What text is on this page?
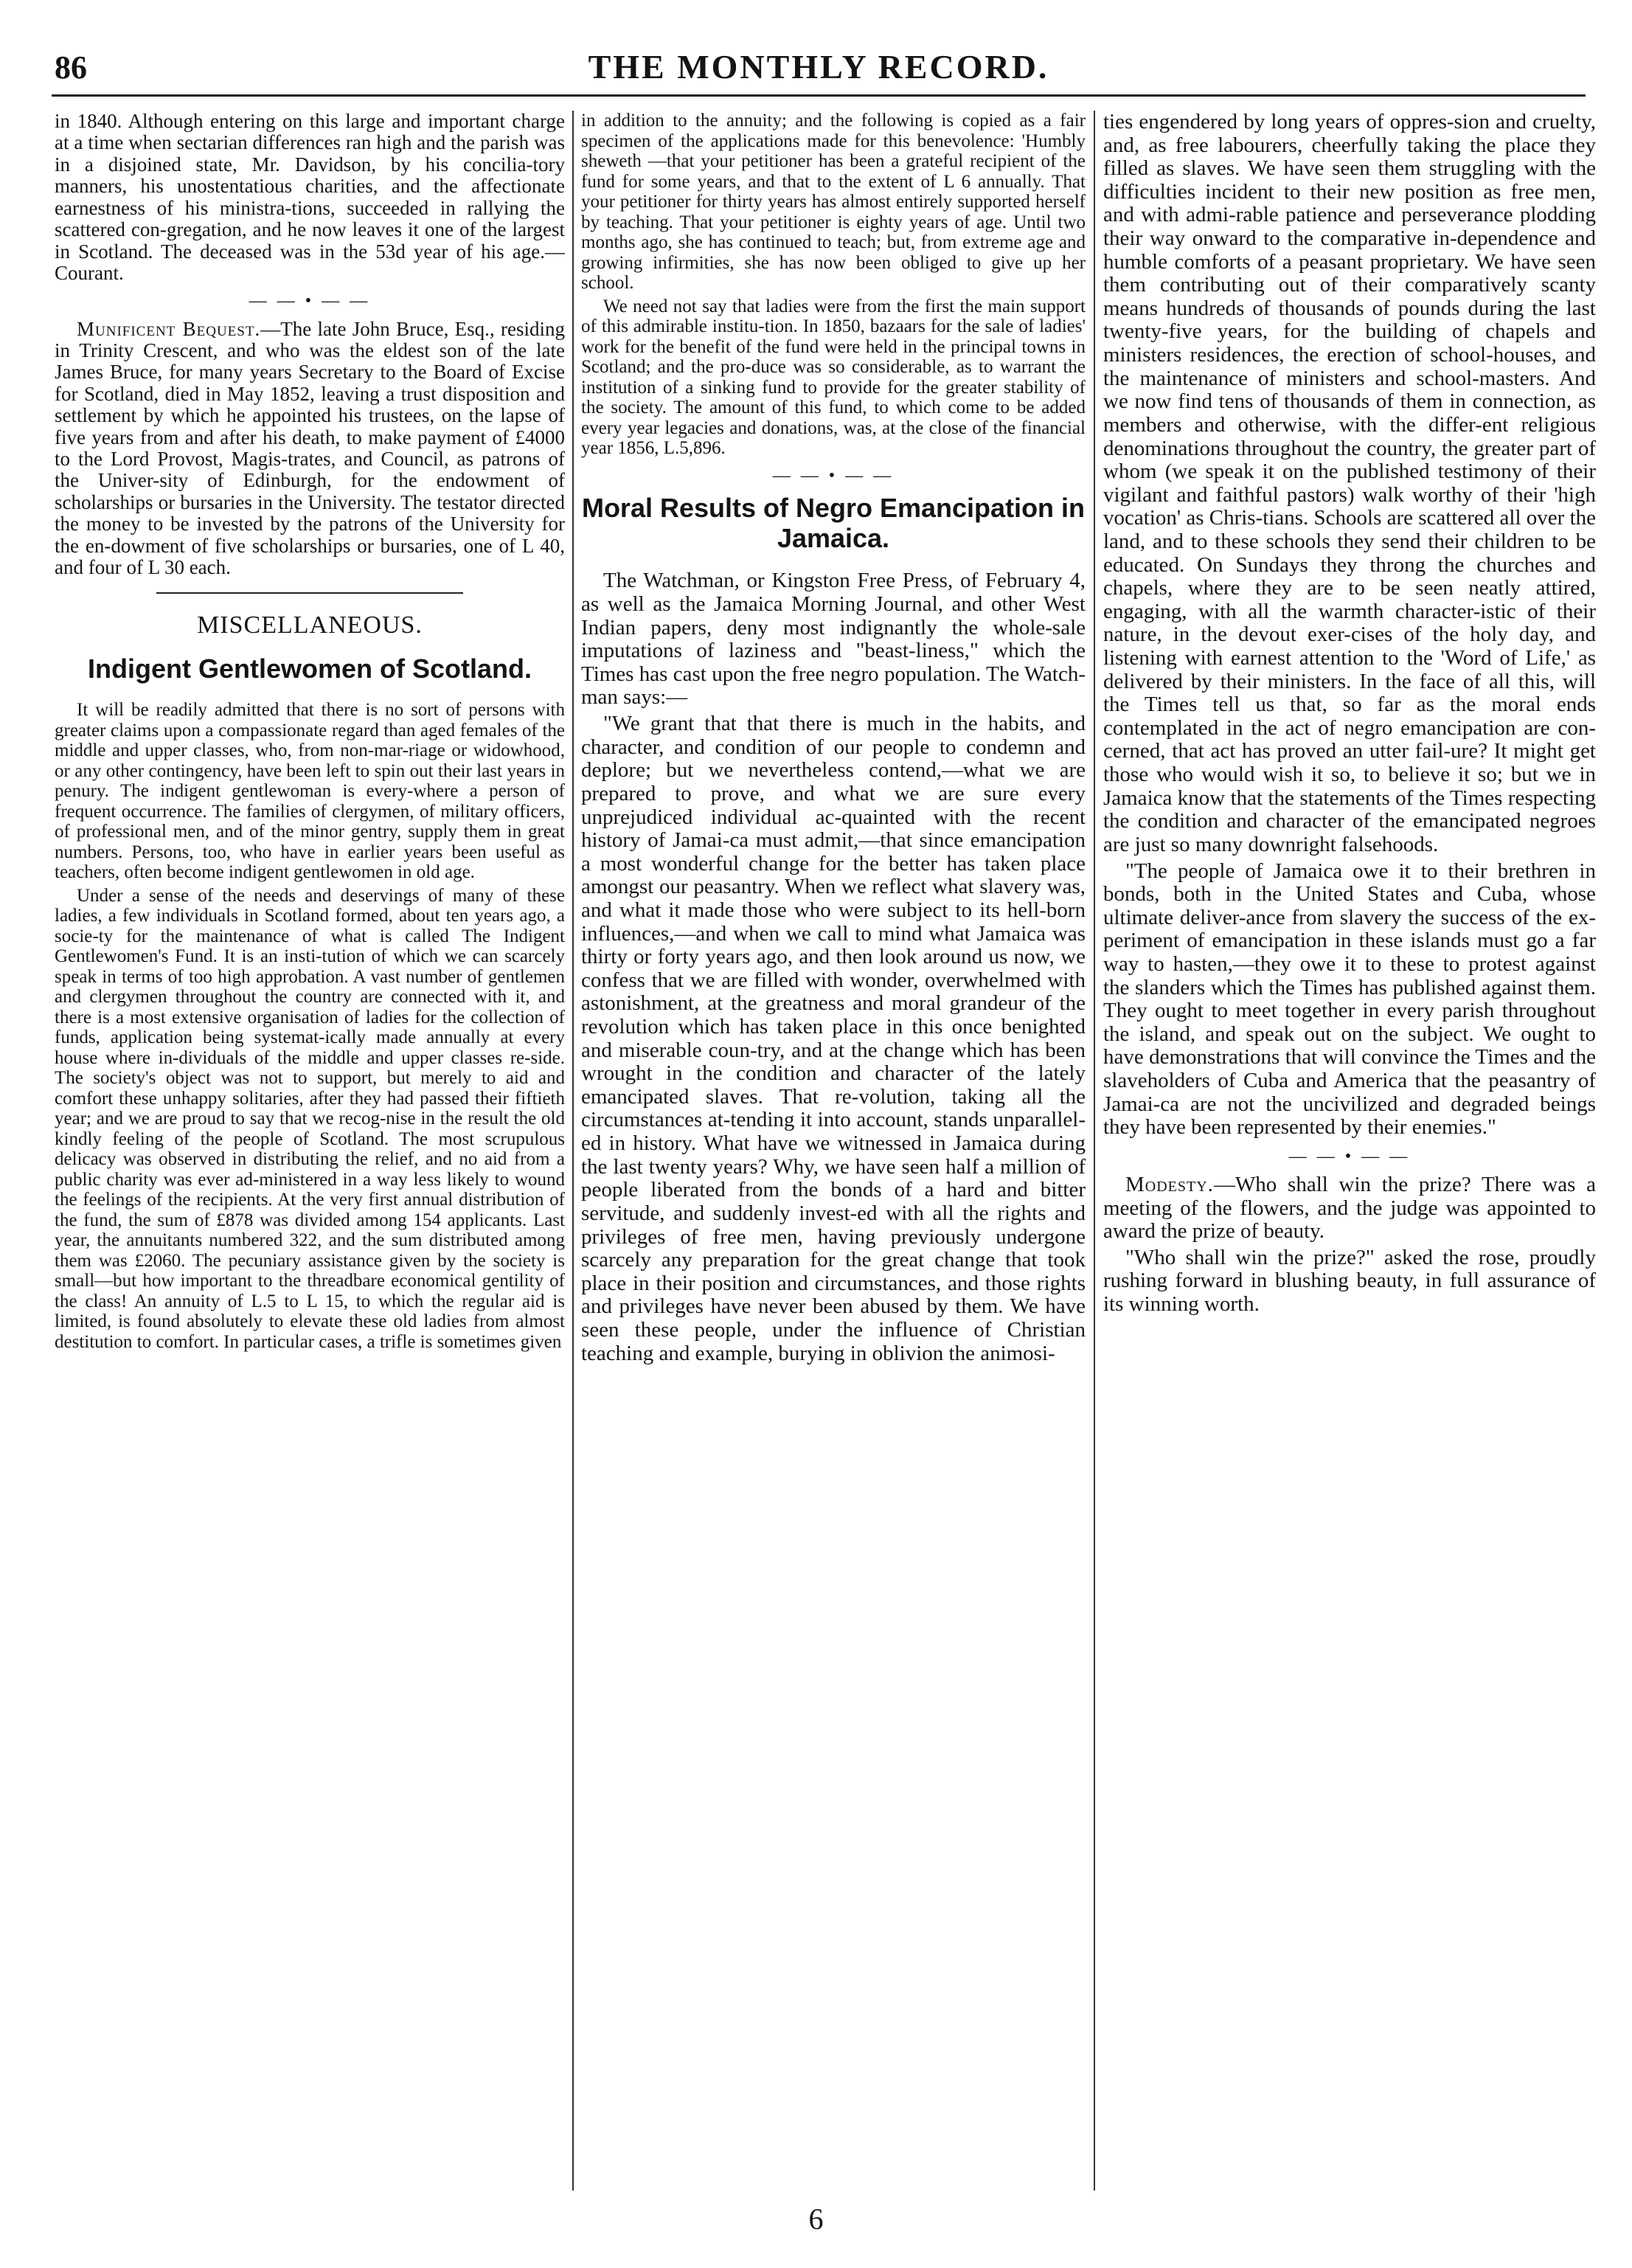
86	THE MONTHLY RECORD.

in 1840. Although entering on this large and important charge at a time when sectarian differences ran high and the parish was in a disjoined state, Mr. Davidson, by his concilia-tory manners, his unostentatious charities, and the affectionate earnestness of his ministra-tions, succeeded in rallying the scattered con-gregation, and he now leaves it one of the largest in Scotland. The deceased was in the 53d year of his age.—Courant.

— — • — —

Munificent Bequest.—The late John Bruce, Esq., residing in Trinity Crescent, and who was the eldest son of the late James Bruce, for many years Secretary to the Board of Excise for Scotland, died in May 1852, leaving a trust disposition and settlement by which he appointed his trustees, on the lapse of five years from and after his death, to make payment of £4000 to the Lord Provost, Magis-trates, and Council, as patrons of the Univer-sity of Edinburgh, for the endowment of scholarships or bursaries in the University. The testator directed the money to be invested by the patrons of the University for the en-dowment of five scholarships or bursaries, one of L 40, and four of L 30 each.

MISCELLANEOUS.
Indigent Gentlewomen of Scotland.

It will be readily admitted that there is no sort of persons with greater claims upon a compassionate regard than aged females of the middle and upper classes, who, from non-mar-riage or widowhood, or any other contingency, have been left to spin out their last years in penury. The indigent gentlewoman is every-where a person of frequent occurrence. The families of clergymen, of military officers, of professional men, and of the minor gentry, supply them in great numbers. Persons, too, who have in earlier years been useful as teachers, often become indigent gentlewomen in old age.

Under a sense of the needs and deservings of many of these ladies, a few individuals in Scotland formed, about ten years ago, a socie-ty for the maintenance of what is called The Indigent Gentlewomen's Fund. It is an insti-tution of which we can scarcely speak in terms of too high approbation. A vast number of gentlemen and clergymen throughout the country are connected with it, and there is a most extensive organisation of ladies for the collection of funds, application being systemat-ically made annually at every house where in-dividuals of the middle and upper classes re-side. The society's object was not to support, but merely to aid and comfort these unhappy solitaries, after they had passed their fiftieth year; and we are proud to say that we recog-nise in the result the old kindly feeling of the people of Scotland. The most scrupulous delicacy was observed in distributing the relief, and no aid from a public charity was ever ad-ministered in a way less likely to wound the feelings of the recipients. At the very first annual distribution of the fund, the sum of £878 was divided among 154 applicants. Last year, the annuitants numbered 322, and the sum distributed among them was £2060. The pecuniary assistance given by the society is small—but how important to the threadbare economical gentility of the class! An annuity of L.5 to L 15, to which the regular aid is limited, is found absolutely to elevate these old ladies from almost destitution to comfort. In particular cases, a trifle is sometimes given

in addition to the annuity; and the following is copied as a fair specimen of the applications made for this benevolence: 'Humbly sheweth —that your petitioner has been a grateful recipient of the fund for some years, and that to the extent of L 6 annually. That your petitioner for thirty years has almost entirely supported herself by teaching. That your petitioner is eighty years of age. Until two months ago, she has continued to teach; but, from extreme age and growing infirmities, she has now been obliged to give up her school.

We need not say that ladies were from the first the main support of this admirable institu-tion. In 1850, bazaars for the sale of ladies' work for the benefit of the fund were held in the principal towns in Scotland; and the pro-duce was so considerable, as to warrant the institution of a sinking fund to provide for the greater stability of the society. The amount of this fund, to which come to be added every year legacies and donations, was, at the close of the financial year 1856, L.5,896.

— — • — —
Moral Results of Negro Emancipation in Jamaica.

The Watchman, or Kingston Free Press, of February 4, as well as the Jamaica Morning Journal, and other West Indian papers, deny most indignantly the whole-sale imputations of laziness and "beast-liness," which the Times has cast upon the free negro population. The Watch-man says:—

"We grant that that there is much in the habits, and character, and condition of our people to condemn and deplore; but we nevertheless contend,—what we are prepared to prove, and what we are sure every unprejudiced individual ac-quainted with the recent history of Jamai-ca must admit,—that since emancipation a most wonderful change for the better has taken place amongst our peasantry. When we reflect what slavery was, and what it made those who were subject to its hell-born influences,—and when we call to mind what Jamaica was thirty or forty years ago, and then look around us now, we confess that we are filled with wonder, overwhelmed with astonishment, at the greatness and moral grandeur of the revolution which has taken place in this once benighted and miserable coun-try, and at the change which has been wrought in the condition and character of the lately emancipated slaves. That re-volution, taking all the circumstances at-tending it into account, stands unparallel-ed in history. What have we witnessed in Jamaica during the last twenty years? Why, we have seen half a million of people liberated from the bonds of a hard and bitter servitude, and suddenly invest-ed with all the rights and privileges of free men, having previously undergone scarcely any preparation for the great change that took place in their position and circumstances, and those rights and privileges have never been abused by them. We have seen these people, under the influence of Christian teaching and example, burying in oblivion the animosi-

ties engendered by long years of oppres-sion and cruelty, and, as free labourers, cheerfully taking the place they filled as slaves. We have seen them struggling with the difficulties incident to their new position as free men, and with admi-rable patience and perseverance plodding their way onward to the comparative in-dependence and humble comforts of a peasant proprietary. We have seen them contributing out of their comparatively scanty means hundreds of thousands of pounds during the last twenty-five years, for the building of chapels and ministers residences, the erection of school-houses, and the maintenance of ministers and school-masters. And we now find tens of thousands of them in connection, as members and otherwise, with the differ-ent religious denominations throughout the country, the greater part of whom (we speak it on the published testimony of their vigilant and faithful pastors) walk worthy of their 'high vocation' as Chris-tians. Schools are scattered all over the land, and to these schools they send their children to be educated. On Sundays they throng the churches and chapels, where they are to be seen neatly attired, engaging, with all the warmth character-istic of their nature, in the devout exer-cises of the holy day, and listening with earnest attention to the 'Word of Life,' as delivered by their ministers. In the face of all this, will the Times tell us that, so far as the moral ends contemplated in the act of negro emancipation are con-cerned, that act has proved an utter fail-ure? It might get those who would wish it so, to believe it so; but we in Jamaica know that the statements of the Times respecting the condition and character of the emancipated negroes are just so many downright falsehoods.

"The people of Jamaica owe it to their brethren in bonds, both in the United States and Cuba, whose ultimate deliver-ance from slavery the success of the ex-periment of emancipation in these islands must go a far way to hasten,—they owe it to these to protest against the slanders which the Times has published against them. They ought to meet together in every parish throughout the island, and speak out on the subject. We ought to have demonstrations that will convince the Times and the slaveholders of Cuba and America that the peasantry of Jamai-ca are not the uncivilized and degraded beings they have been represented by their enemies."

— — • — —

Modesty.—Who shall win the prize? There was a meeting of the flowers, and the judge was appointed to award the prize of beauty.

"Who shall win the prize?" asked the rose, proudly rushing forward in blushing beauty, in full assurance of its winning worth.

6
